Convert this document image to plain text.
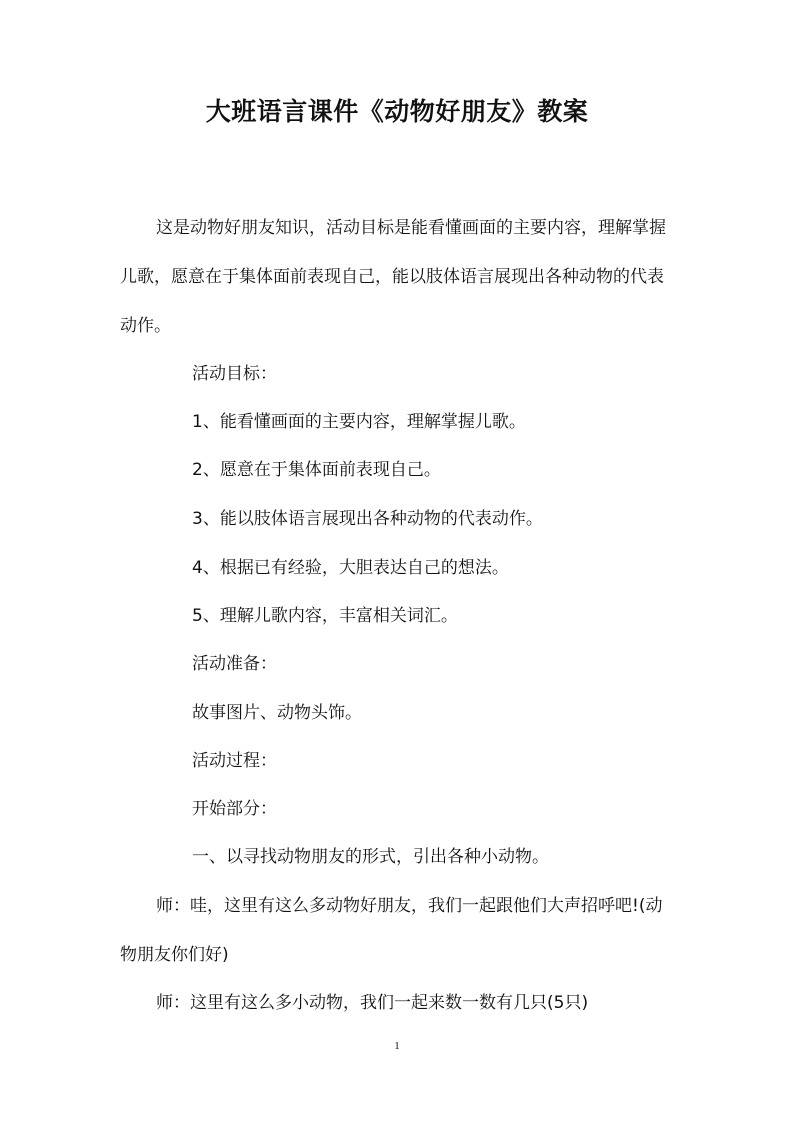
大班语言课件《动物好朋友》教案

这是动物好朋友知识，活动目标是能看懂画面的主要内容，理解掌握儿歌，愿意在于集体面前表现自己，能以肢体语言展现出各种动物的代表动作。

活动目标：

1、能看懂画面的主要内容，理解掌握儿歌。

2、愿意在于集体面前表现自己。

3、能以肢体语言展现出各种动物的代表动作。

4、根据已有经验，大胆表达自己的想法。

5、理解儿歌内容，丰富相关词汇。

活动准备：

故事图片、动物头饰。

活动过程：

开始部分：

一、以寻找动物朋友的形式，引出各种小动物。

师：哇，这里有这么多动物好朋友，我们一起跟他们大声招呼吧!(动物朋友你们好)

师：这里有这么多小动物，我们一起来数一数有几只(5只)

1
